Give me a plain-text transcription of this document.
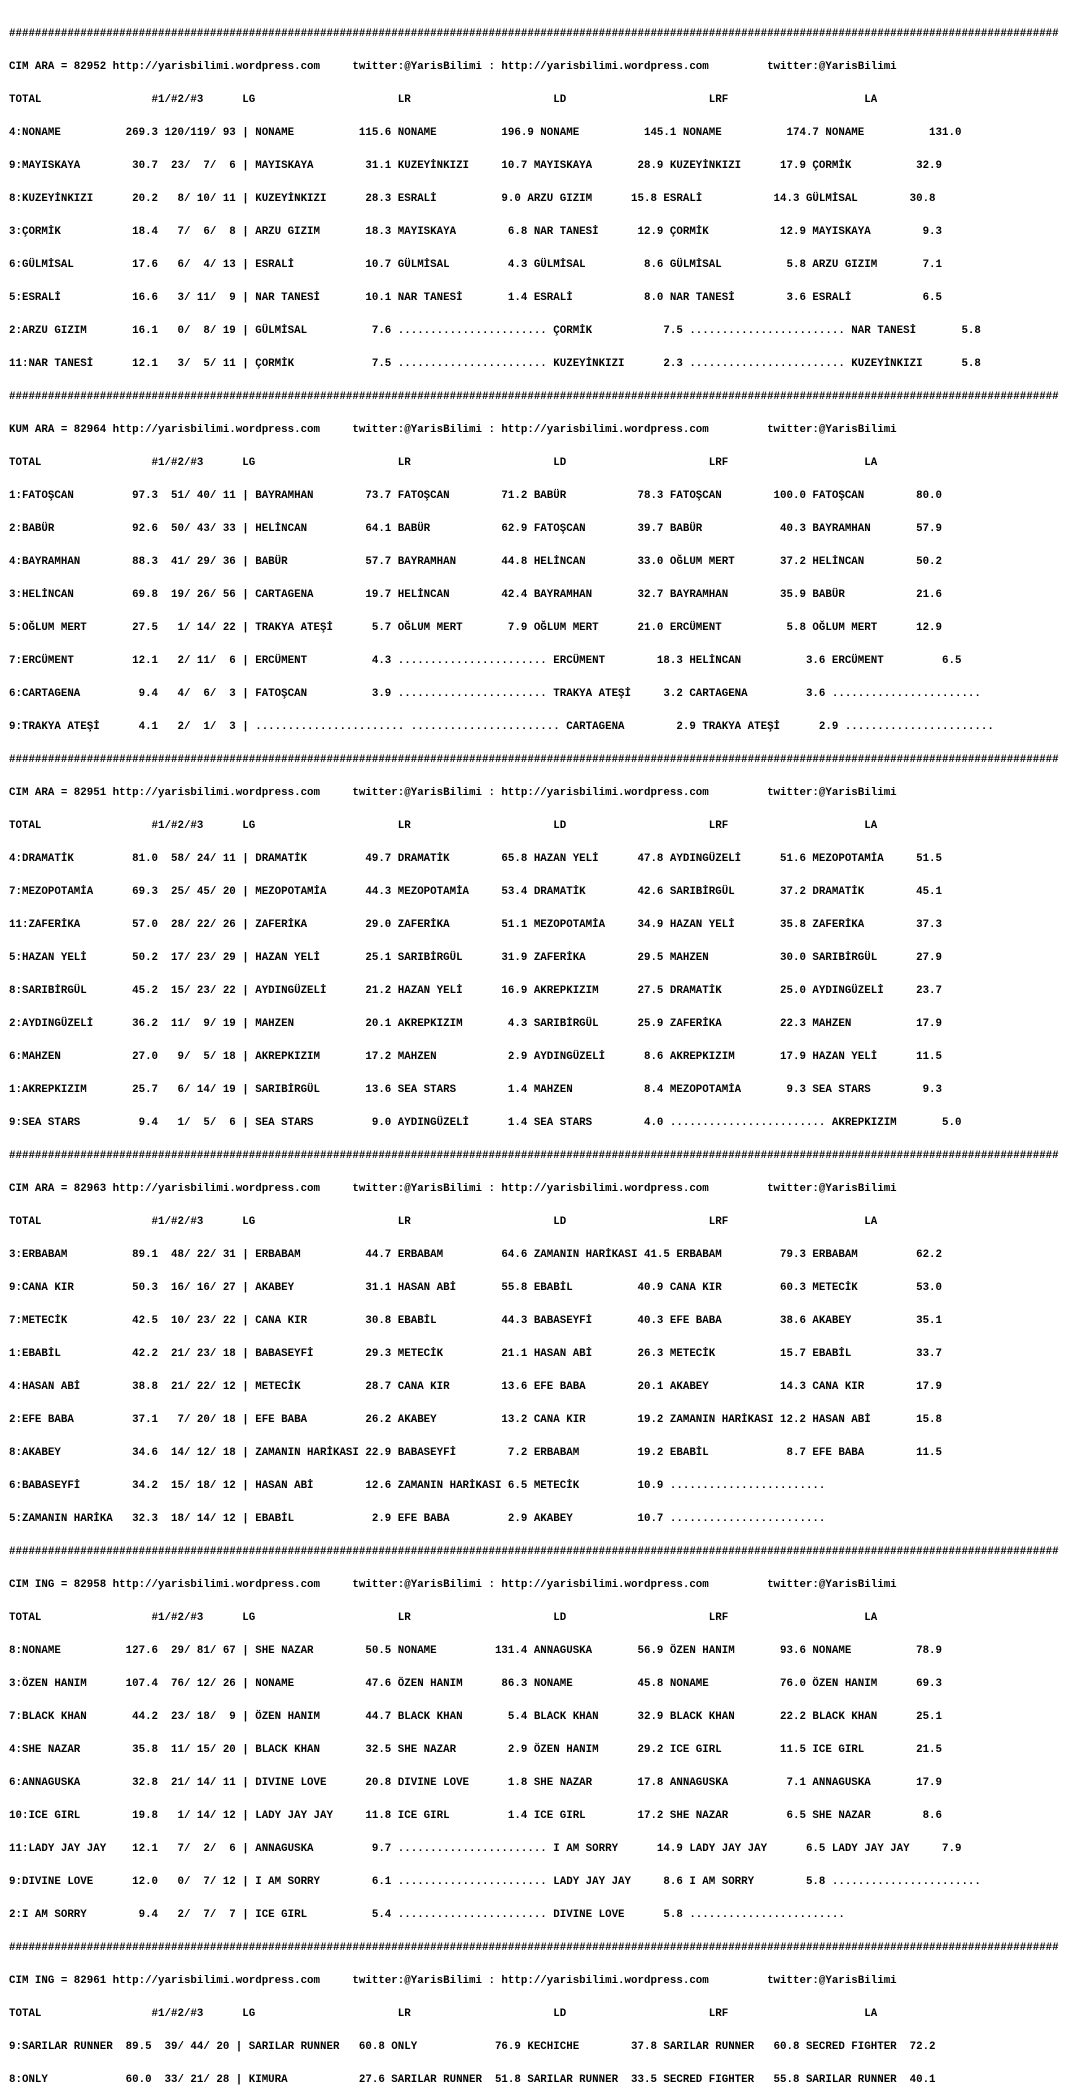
##################################################################################################################################################################

CIM ARA = 82952 http://yarisbilimi.wordpress.com     twitter:@YarisBilimi : http://yarisbilimi.wordpress.com         twitter:@YarisBilimi

TOTAL                 #1/#2/#3      LG                      LR                      LD                      LRF                     LA

4:NONAME          269.3 120/119/ 93 | NONAME          115.6 NONAME          196.9 NONAME          145.1 NONAME          174.7 NONAME          131.0

9:MAYISKAYA        30.7  23/  7/  6 | MAYISKAYA        31.1 KUZEYİNKIZI     10.7 MAYISKAYA       28.9 KUZEYİNKIZI      17.9 ÇORMİK          32.9

8:KUZEYİNKIZI      20.2   8/ 10/ 11 | KUZEYİNKIZI      28.3 ESRALİ          9.0 ARZU GIZIM      15.8 ESRALİ           14.3 GÜLMİSAL        30.8

3:ÇORMİK           18.4   7/  6/  8 | ARZU GIZIM       18.3 MAYISKAYA        6.8 NAR TANESİ      12.9 ÇORMİK           12.9 MAYISKAYA        9.3

6:GÜLMİSAL         17.6   6/  4/ 13 | ESRALİ           10.7 GÜLMİSAL         4.3 GÜLMİSAL         8.6 GÜLMİSAL          5.8 ARZU GIZIM       7.1

5:ESRALİ           16.6   3/ 11/  9 | NAR TANESİ       10.1 NAR TANESİ       1.4 ESRALİ           8.0 NAR TANESİ        3.6 ESRALİ           6.5

2:ARZU GIZIM       16.1   0/  8/ 19 | GÜLMİSAL          7.6 ....................... ÇORMİK           7.5 ........................ NAR TANESİ       5.8

11:NAR TANESİ      12.1   3/  5/ 11 | ÇORMİK            7.5 ....................... KUZEYİNKIZI      2.3 ........................ KUZEYİNKIZI      5.8

##################################################################################################################################################################

KUM ARA = 82964 http://yarisbilimi.wordpress.com     twitter:@YarisBilimi : http://yarisbilimi.wordpress.com         twitter:@YarisBilimi

TOTAL                 #1/#2/#3      LG                      LR                      LD                      LRF                     LA

1:FATOŞCAN         97.3  51/ 40/ 11 | BAYRAMHAN        73.7 FATOŞCAN        71.2 BABÜR           78.3 FATOŞCAN        100.0 FATOŞCAN        80.0

2:BABÜR            92.6  50/ 43/ 33 | HELİNCAN         64.1 BABÜR           62.9 FATOŞCAN        39.7 BABÜR            40.3 BAYRAMHAN       57.9

4:BAYRAMHAN        88.3  41/ 29/ 36 | BABÜR            57.7 BAYRAMHAN       44.8 HELİNCAN        33.0 OĞLUM MERT       37.2 HELİNCAN        50.2

3:HELİNCAN         69.8  19/ 26/ 56 | CARTAGENA        19.7 HELİNCAN        42.4 BAYRAMHAN       32.7 BAYRAMHAN        35.9 BABÜR           21.6

5:OĞLUM MERT       27.5   1/ 14/ 22 | TRAKYA ATEŞİ      5.7 OĞLUM MERT       7.9 OĞLUM MERT      21.0 ERCÜMENT          5.8 OĞLUM MERT      12.9

7:ERCÜMENT         12.1   2/ 11/  6 | ERCÜMENT          4.3 ....................... ERCÜMENT        18.3 HELİNCAN          3.6 ERCÜMENT         6.5

6:CARTAGENA         9.4   4/  6/  3 | FATOŞCAN          3.9 ....................... TRAKYA ATEŞİ     3.2 CARTAGENA         3.6 .......................

9:TRAKYA ATEŞİ      4.1   2/  1/  3 | ....................... ....................... CARTAGENA        2.9 TRAKYA ATEŞİ      2.9 .......................

##################################################################################################################################################################

CIM ARA = 82951 http://yarisbilimi.wordpress.com     twitter:@YarisBilimi : http://yarisbilimi.wordpress.com         twitter:@YarisBilimi

TOTAL                 #1/#2/#3      LG                      LR                      LD                      LRF                     LA

4:DRAMATİK         81.0  58/ 24/ 11 | DRAMATİK         49.7 DRAMATİK        65.8 HAZAN YELİ      47.8 AYDINGÜZELİ      51.6 MEZOPOTAMİA     51.5

7:MEZOPOTAMİA      69.3  25/ 45/ 20 | MEZOPOTAMİA      44.3 MEZOPOTAMİA     53.4 DRAMATİK        42.6 SARIBİRGÜL       37.2 DRAMATİK        45.1

11:ZAFERİKA        57.0  28/ 22/ 26 | ZAFERİKA         29.0 ZAFERİKA        51.1 MEZOPOTAMİA     34.9 HAZAN YELİ       35.8 ZAFERİKA        37.3

5:HAZAN YELİ       50.2  17/ 23/ 29 | HAZAN YELİ       25.1 SARIBİRGÜL      31.9 ZAFERİKA        29.5 MAHZEN           30.0 SARIBİRGÜL      27.9

8:SARIBİRGÜL       45.2  15/ 23/ 22 | AYDINGÜZELİ      21.2 HAZAN YELİ      16.9 AKREPKIZIM      27.5 DRAMATİK         25.0 AYDINGÜZELİ     23.7

2:AYDINGÜZELİ      36.2  11/  9/ 19 | MAHZEN           20.1 AKREPKIZIM       4.3 SARIBİRGÜL      25.9 ZAFERİKA         22.3 MAHZEN          17.9

6:MAHZEN           27.0   9/  5/ 18 | AKREPKIZIM       17.2 MAHZEN           2.9 AYDINGÜZELİ      8.6 AKREPKIZIM       17.9 HAZAN YELİ      11.5

1:AKREPKIZIM       25.7   6/ 14/ 19 | SARIBİRGÜL       13.6 SEA STARS        1.4 MAHZEN           8.4 MEZOPOTAMİA       9.3 SEA STARS        9.3

9:SEA STARS         9.4   1/  5/  6 | SEA STARS         9.0 AYDINGÜZELİ      1.4 SEA STARS        4.0 ........................ AKREPKIZIM       5.0

##################################################################################################################################################################

CIM ARA = 82963 http://yarisbilimi.wordpress.com     twitter:@YarisBilimi : http://yarisbilimi.wordpress.com         twitter:@YarisBilimi

TOTAL                 #1/#2/#3      LG                      LR                      LD                      LRF                     LA

3:ERBABAM          89.1  48/ 22/ 31 | ERBABAM          44.7 ERBABAM         64.6 ZAMANIN HARİKASI 41.5 ERBABAM         79.3 ERBABAM         62.2

9:CANA KIR         50.3  16/ 16/ 27 | AKABEY           31.1 HASAN ABİ       55.8 EBABİL          40.9 CANA KIR         60.3 METECİK         53.0

7:METECİK          42.5  10/ 23/ 22 | CANA KIR         30.8 EBABİL          44.3 BABASEYFİ       40.3 EFE BABA         38.6 AKABEY          35.1

1:EBABİL           42.2  21/ 23/ 18 | BABASEYFİ        29.3 METECİK         21.1 HASAN ABİ       26.3 METECİK          15.7 EBABİL          33.7

4:HASAN ABİ        38.8  21/ 22/ 12 | METECİK          28.7 CANA KIR        13.6 EFE BABA        20.1 AKABEY           14.3 CANA KIR        17.9

2:EFE BABA         37.1   7/ 20/ 18 | EFE BABA         26.2 AKABEY          13.2 CANA KIR        19.2 ZAMANIN HARİKASI 12.2 HASAN ABİ       15.8

8:AKABEY           34.6  14/ 12/ 18 | ZAMANIN HARİKASI 22.9 BABASEYFİ        7.2 ERBABAM         19.2 EBABİL            8.7 EFE BABA        11.5

6:BABASEYFİ        34.2  15/ 18/ 12 | HASAN ABİ        12.6 ZAMANIN HARİKASI 6.5 METECİK         10.9 ........................

5:ZAMANIN HARİKA   32.3  18/ 14/ 12 | EBABİL            2.9 EFE BABA         2.9 AKABEY          10.7 ........................

##################################################################################################################################################################

CIM ING = 82958 http://yarisbilimi.wordpress.com     twitter:@YarisBilimi : http://yarisbilimi.wordpress.com         twitter:@YarisBilimi

TOTAL                 #1/#2/#3      LG                      LR                      LD                      LRF                     LA

8:NONAME          127.6  29/ 81/ 67 | SHE NAZAR        50.5 NONAME         131.4 ANNAGUSKA       56.9 ÖZEN HANIM       93.6 NONAME          78.9

3:ÖZEN HANIM      107.4  76/ 12/ 26 | NONAME           47.6 ÖZEN HANIM      86.3 NONAME          45.8 NONAME           76.0 ÖZEN HANIM      69.3

7:BLACK KHAN       44.2  23/ 18/  9 | ÖZEN HANIM       44.7 BLACK KHAN       5.4 BLACK KHAN      32.9 BLACK KHAN       22.2 BLACK KHAN      25.1

4:SHE NAZAR        35.8  11/ 15/ 20 | BLACK KHAN       32.5 SHE NAZAR        2.9 ÖZEN HANIM      29.2 ICE GIRL         11.5 ICE GIRL        21.5

6:ANNAGUSKA        32.8  21/ 14/ 11 | DIVINE LOVE      20.8 DIVINE LOVE      1.8 SHE NAZAR       17.8 ANNAGUSKA         7.1 ANNAGUSKA       17.9

10:ICE GIRL        19.8   1/ 14/ 12 | LADY JAY JAY     11.8 ICE GIRL         1.4 ICE GIRL        17.2 SHE NAZAR         6.5 SHE NAZAR        8.6

11:LADY JAY JAY    12.1   7/  2/  6 | ANNAGUSKA         9.7 ....................... I AM SORRY      14.9 LADY JAY JAY      6.5 LADY JAY JAY     7.9

9:DIVINE LOVE      12.0   0/  7/ 12 | I AM SORRY        6.1 ....................... LADY JAY JAY     8.6 I AM SORRY        5.8 .......................

2:I AM SORRY        9.4   2/  7/  7 | ICE GIRL          5.4 ....................... DIVINE LOVE      5.8 ........................

##################################################################################################################################################################

CIM ING = 82961 http://yarisbilimi.wordpress.com     twitter:@YarisBilimi : http://yarisbilimi.wordpress.com         twitter:@YarisBilimi

TOTAL                 #1/#2/#3      LG                      LR                      LD                      LRF                     LA

9:SARILAR RUNNER  89.5  39/ 44/ 20 | SARILAR RUNNER   60.8 ONLY            76.9 KECHICHE        37.8 SARILAR RUNNER   60.8 SECRED FIGHTER  72.2

8:ONLY            60.0  33/ 21/ 28 | KIMURA           27.6 SARILAR RUNNER  51.8 SARILAR RUNNER  33.5 SECRED FIGHTER   55.8 SARILAR RUNNER  40.1
